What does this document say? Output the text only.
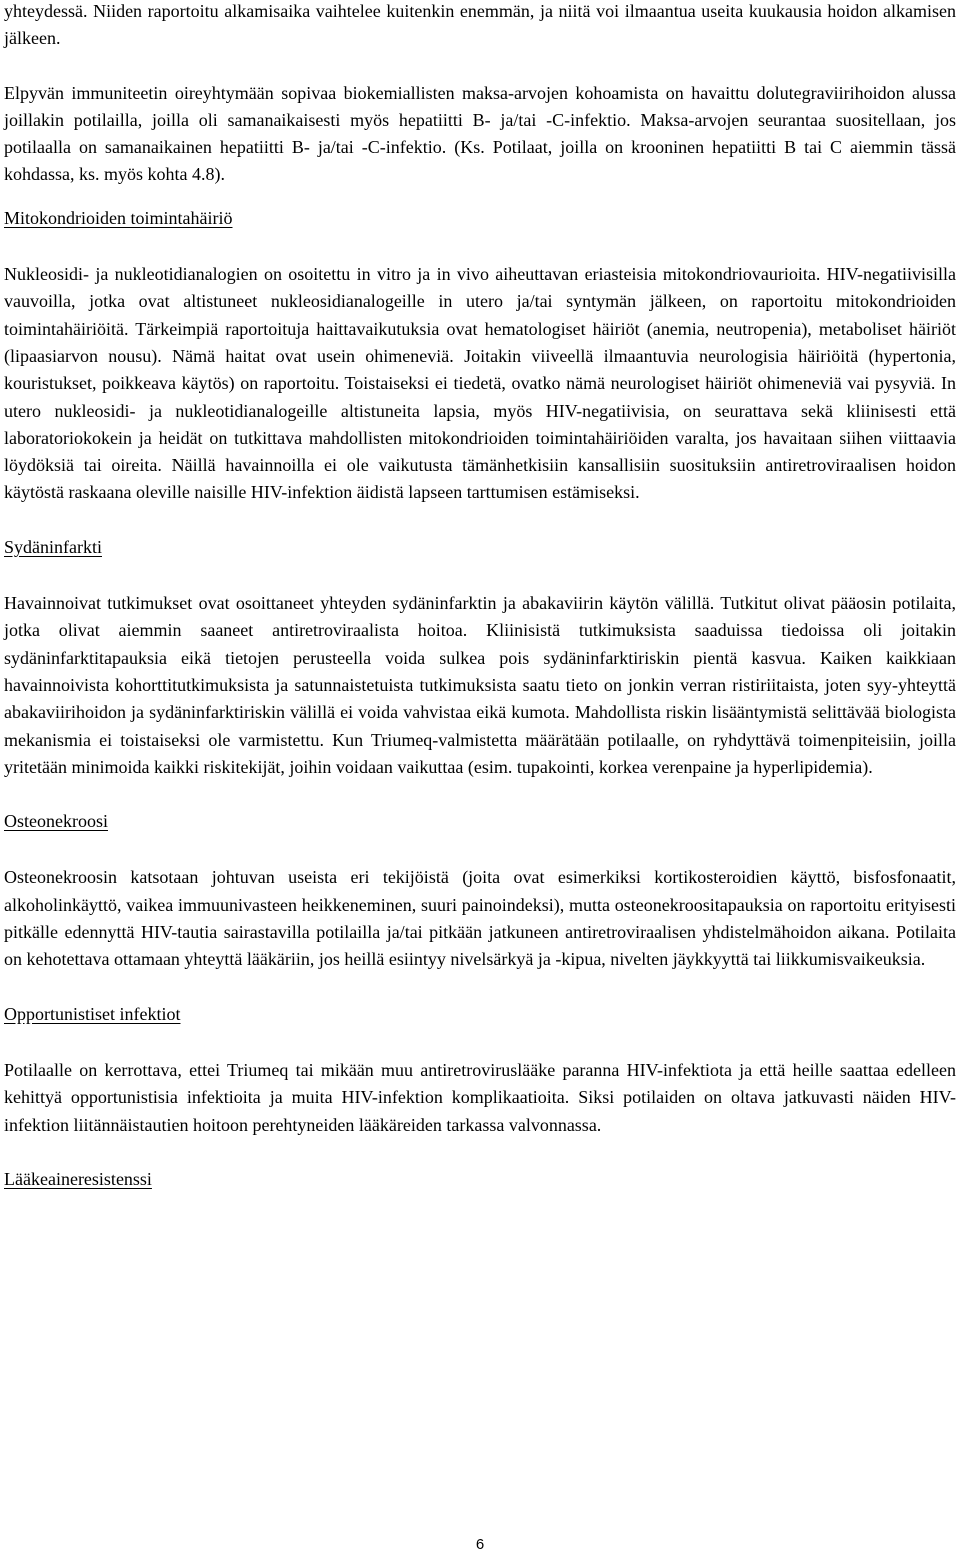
yhteydessä. Niiden raportoitu alkamisaika vaihtelee kuitenkin enemmän, ja niitä voi ilmaantua useita kuukausia hoidon alkamisen jälkeen.

Elpyvän immuniteetin oireyhtymään sopivaa biokemiallisten maksa-arvojen kohoamista on havaittu dolutegraviirihoidon alussa joillakin potilailla, joilla oli samanaikaisesti myös hepatiitti B- ja/tai -C-infektio. Maksa-arvojen seurantaa suositellaan, jos potilaalla on samanaikainen hepatiitti B- ja/tai -C-infektio. (Ks. Potilaat, joilla on krooninen hepatiitti B tai C aiemmin tässä kohdassa, ks. myös kohta 4.8).

Mitokondrioiden toimintahäiriö

Nukleosidi- ja nukleotidianalogien on osoitettu in vitro ja in vivo aiheuttavan eriasteisia mitokondriovaurioita. HIV-negatiivisilla vauvoilla, jotka ovat altistuneet nukleosidianalogeille in utero ja/tai syntymän jälkeen, on raportoitu mitokondrioiden toimintahäiriöitä. Tärkeimpiä raportoituja haittavaikutuksia ovat hematologiset häiriöt (anemia, neutropenia), metaboliset häiriöt (lipaasiarvon nousu). Nämä haitat ovat usein ohimeneviä. Joitakin viiveellä ilmaantuvia neurologisia häiriöitä (hypertonia, kouristukset, poikkeava käytös) on raportoitu. Toistaiseksi ei tiedetä, ovatko nämä neurologiset häiriöt ohimeneviä vai pysyviä. In utero nukleosidi- ja nukleotidianalogeille altistuneita lapsia, myös HIV-negatiivisia, on seurattava sekä kliinisesti että laboratoriokokein ja heidät on tutkittava mahdollisten mitokondrioiden toimintahäiriöiden varalta, jos havaitaan siihen viittaavia löydöksiä tai oireita. Näillä havainnoilla ei ole vaikutusta tämänhetkisiin kansallisiin suosituksiin antiretroviraalisen hoidon käytöstä raskaana oleville naisille HIV-infektion äidistä lapseen tarttumisen estämiseksi.

Sydäninfarkti

Havainnoivat tutkimukset ovat osoittaneet yhteyden sydäninfarktin ja abakaviirin käytön välillä. Tutkitut olivat pääosin potilaita, jotka olivat aiemmin saaneet antiretroviraalista hoitoa. Kliinisistä tutkimuksista saaduissa tiedoissa oli joitakin sydäninfarktitapauksia eikä tietojen perusteella voida sulkea pois sydäninfarktiriskin pientä kasvua. Kaiken kaikkiaan havainnoivista kohorttitutkimuksista ja satunnaistetuista tutkimuksista saatu tieto on jonkin verran ristiriitaista, joten syy-yhteyttä abakaviirihoidon ja sydäninfarktiriskin välillä ei voida vahvistaa eikä kumota. Mahdollista riskin lisääntymistä selittävää biologista mekanismia ei toistaiseksi ole varmistettu. Kun Triumeq-valmistetta määrätään potilaalle, on ryhdyttävä toimenpiteisiin, joilla yritetään minimoida kaikki riskitekijät, joihin voidaan vaikuttaa (esim. tupakointi, korkea verenpaine ja hyperlipidemia).

Osteonekroosi

Osteonekroosin katsotaan johtuvan useista eri tekijöistä (joita ovat esimerkiksi kortikosteroidien käyttö, bisfosfonaatit, alkoholinkäyttö, vaikea immuunivasteen heikkeneminen, suuri painoindeksi), mutta osteonekroositapauksia on raportoitu erityisesti pitkälle edennyttä HIV-tautia sairastavilla potilailla ja/tai pitkään jatkuneen antiretroviraalisen yhdistelmähoidon aikana. Potilaita on kehotettava ottamaan yhteyttä lääkäriin, jos heillä esiintyy nivelsärkyä ja -kipua, nivelten jäykkyyttä tai liikkumisvaikeuksia.

Opportunistiset infektiot

Potilaalle on kerrottava, ettei Triumeq tai mikään muu antiretroviruslääke paranna HIV-infektiota ja että heille saattaa edelleen kehittyä opportunistisia infektioita ja muita HIV-infektion komplikaatioita. Siksi potilaiden on oltava jatkuvasti näiden HIV-infektion liitännäistautien hoitoon perehtyneiden lääkäreiden tarkassa valvonnassa.

Lääkeaineresistenssi

6
